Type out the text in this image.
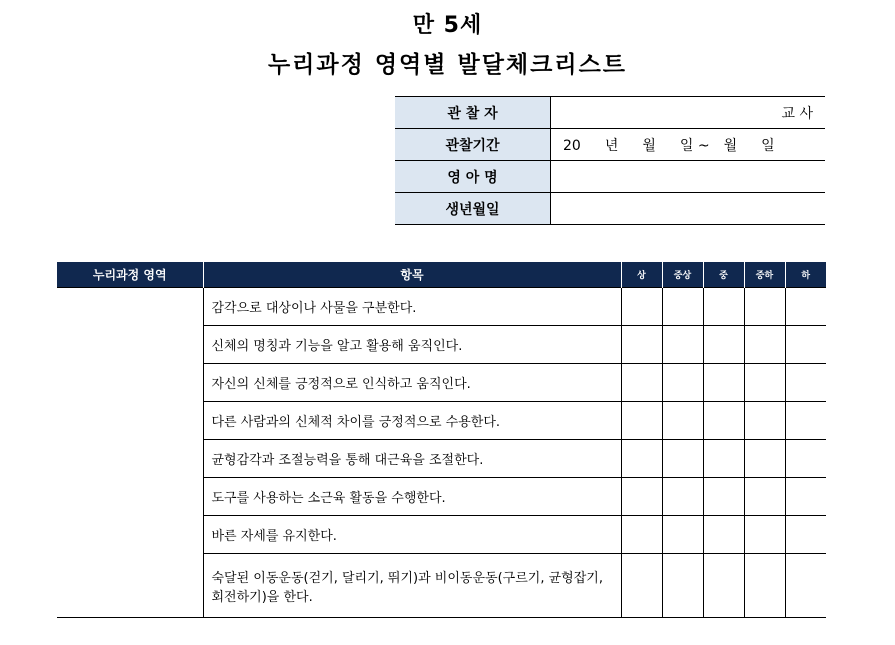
만 5세
누리과정 영역별 발달체크리스트
관 찰 자	교 사
관찰기간	20 년 월 일 ~ 월 일
영 아 명	
생년월일	
누리과정 영역	항목	상	중상	중	중하	하
	감각으로 대상이나 사물을 구분한다.					
	신체의 명칭과 기능을 알고 활용해 움직인다.					
	자신의 신체를 긍정적으로 인식하고 움직인다.					
	다른 사람과의 신체적 차이를 긍정적으로 수용한다.					
	균형감각과 조절능력을 통해 대근육을 조절한다.					
	도구를 사용하는 소근육 활동을 수행한다.					
	바른 자세를 유지한다.					
	숙달된 이동운동(걷기, 달리기, 뛰기)과 비이동운동(구르기, 균형잡기, 회전하기)을 한다.					
